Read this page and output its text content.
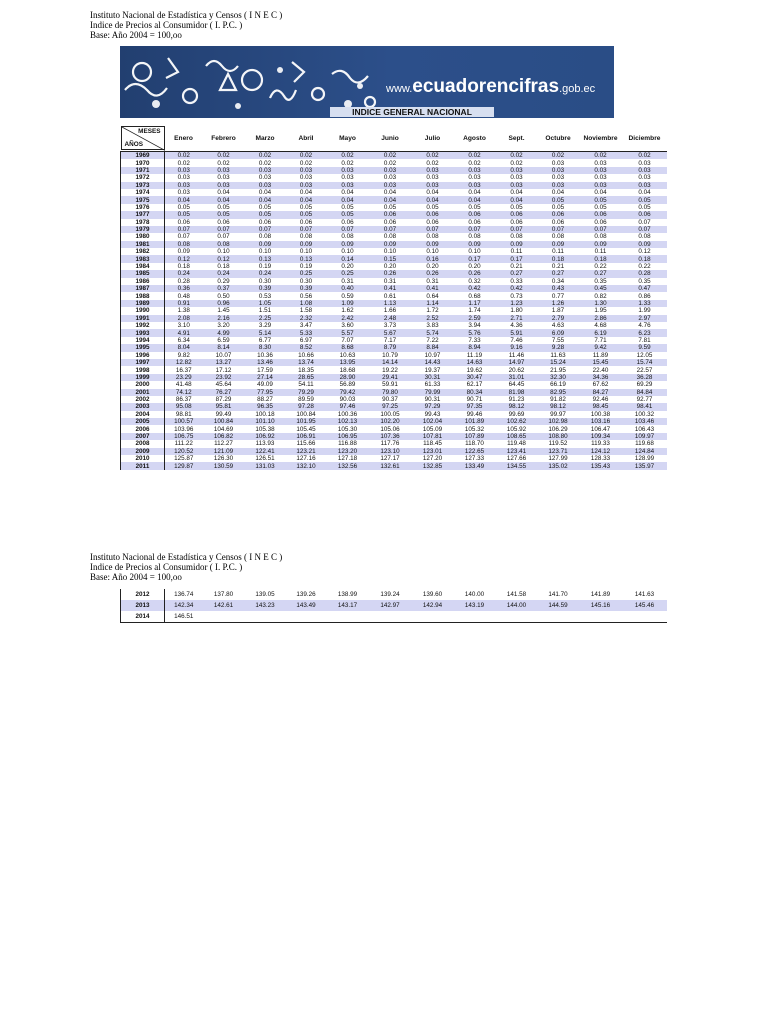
Instituto Nacional de Estadística y Censos ( I N E C )
Indice de Precios al Consumidor ( I. P.C. )
Base: Año 2004 = 100,oo
www.ecuadorencifras.gob.ec
INDICE GENERAL NACIONAL
MESES
AÑOS	Enero	Febrero	Marzo	Abril	Mayo	Junio	Julio	Agosto	Sept.	Octubre	Noviembre	Diciembre
1969	0.02	0.02	0.02	0.02	0.02	0.02	0.02	0.02	0.02	0.02	0.02	0.02
1970	0.02	0.02	0.02	0.02	0.02	0.02	0.02	0.02	0.02	0.03	0.03	0.03
1971	0.03	0.03	0.03	0.03	0.03	0.03	0.03	0.03	0.03	0.03	0.03	0.03
1972	0.03	0.03	0.03	0.03	0.03	0.03	0.03	0.03	0.03	0.03	0.03	0.03
1973	0.03	0.03	0.03	0.03	0.03	0.03	0.03	0.03	0.03	0.03	0.03	0.03
1974	0.03	0.04	0.04	0.04	0.04	0.04	0.04	0.04	0.04	0.04	0.04	0.04
1975	0.04	0.04	0.04	0.04	0.04	0.04	0.04	0.04	0.04	0.05	0.05	0.05
1976	0.05	0.05	0.05	0.05	0.05	0.05	0.05	0.05	0.05	0.05	0.05	0.05
1977	0.05	0.05	0.05	0.05	0.05	0.06	0.06	0.06	0.06	0.06	0.06	0.06
1978	0.06	0.06	0.06	0.06	0.06	0.06	0.06	0.06	0.06	0.06	0.06	0.07
1979	0.07	0.07	0.07	0.07	0.07	0.07	0.07	0.07	0.07	0.07	0.07	0.07
1980	0.07	0.07	0.08	0.08	0.08	0.08	0.08	0.08	0.08	0.08	0.08	0.08
1981	0.08	0.08	0.09	0.09	0.09	0.09	0.09	0.09	0.09	0.09	0.09	0.09
1982	0.09	0.10	0.10	0.10	0.10	0.10	0.10	0.10	0.11	0.11	0.11	0.12
1983	0.12	0.12	0.13	0.13	0.14	0.15	0.16	0.17	0.17	0.18	0.18	0.18
1984	0.18	0.18	0.19	0.19	0.20	0.20	0.20	0.20	0.21	0.21	0.22	0.22
1985	0.24	0.24	0.24	0.25	0.25	0.26	0.26	0.26	0.27	0.27	0.27	0.28
1986	0.28	0.29	0.30	0.30	0.31	0.31	0.31	0.32	0.33	0.34	0.35	0.35
1987	0.36	0.37	0.39	0.39	0.40	0.41	0.41	0.42	0.42	0.43	0.45	0.47
1988	0.48	0.50	0.53	0.56	0.59	0.61	0.64	0.68	0.73	0.77	0.82	0.86
1989	0.91	0.96	1.05	1.08	1.09	1.13	1.14	1.17	1.23	1.26	1.30	1.33
1990	1.38	1.45	1.51	1.58	1.62	1.66	1.72	1.74	1.80	1.87	1.95	1.99
1991	2.08	2.16	2.25	2.32	2.42	2.48	2.52	2.59	2.71	2.79	2.86	2.97
1992	3.10	3.20	3.29	3.47	3.60	3.73	3.83	3.94	4.36	4.63	4.68	4.76
1993	4.91	4.99	5.14	5.33	5.57	5.67	5.74	5.76	5.91	6.09	6.19	6.23
1994	6.34	6.59	6.77	6.97	7.07	7.17	7.22	7.33	7.46	7.55	7.71	7.81
1995	8.04	8.14	8.30	8.52	8.68	8.79	8.84	8.94	9.16	9.28	9.42	9.59
1996	9.82	10.07	10.36	10.66	10.63	10.79	10.97	11.19	11.46	11.63	11.89	12.05
1997	12.82	13.27	13.46	13.74	13.95	14.14	14.43	14.63	14.97	15.24	15.45	15.74
1998	16.37	17.12	17.59	18.35	18.68	19.22	19.37	19.62	20.62	21.95	22.40	22.57
1999	23.29	23.92	27.14	28.65	28.90	29.41	30.31	30.47	31.01	32.30	34.36	36.28
2000	41.48	45.64	49.09	54.11	56.89	59.91	61.33	62.17	64.45	66.19	67.62	69.29
2001	74.12	76.27	77.95	79.29	79.42	79.80	79.99	80.34	81.98	82.95	84.27	84.84
2002	86.37	87.29	88.27	89.59	90.03	90.37	90.31	90.71	91.23	91.82	92.46	92.77
2003	95.08	95.81	96.35	97.28	97.46	97.25	97.29	97.35	98.12	98.12	98.45	98.41
2004	98.81	99.49	100.18	100.84	100.36	100.05	99.43	99.46	99.69	99.97	100.38	100.32
2005	100.57	100.84	101.10	101.95	102.13	102.20	102.04	101.89	102.62	102.98	103.16	103.46
2006	103.96	104.69	105.38	105.45	105.30	105.06	105.09	105.32	105.92	106.29	106.47	106.43
2007	106.75	106.82	106.92	106.91	106.95	107.36	107.81	107.89	108.65	108.80	109.34	109.97
2008	111.22	112.27	113.93	115.66	116.88	117.76	118.45	118.70	119.48	119.52	119.33	119.68
2009	120.52	121.09	122.41	123.21	123.20	123.10	123.01	122.65	123.41	123.71	124.12	124.84
2010	125.87	126.30	126.51	127.16	127.18	127.17	127.20	127.33	127.66	127.99	128.33	128.99
2011	129.87	130.59	131.03	132.10	132.56	132.61	132.85	133.49	134.55	135.02	135.43	135.97
Instituto Nacional de Estadística y Censos ( I N E C )
Indice de Precios al Consumidor ( I. P.C. )
Base: Año 2004 = 100,oo
2012	136.74	137.80	139.05	139.26	138.99	139.24	139.60	140.00	141.58	141.70	141.89	141.63
2013	142.34	142.61	143.23	143.49	143.17	142.97	142.94	143.19	144.00	144.59	145.16	145.46
2014	146.51											
